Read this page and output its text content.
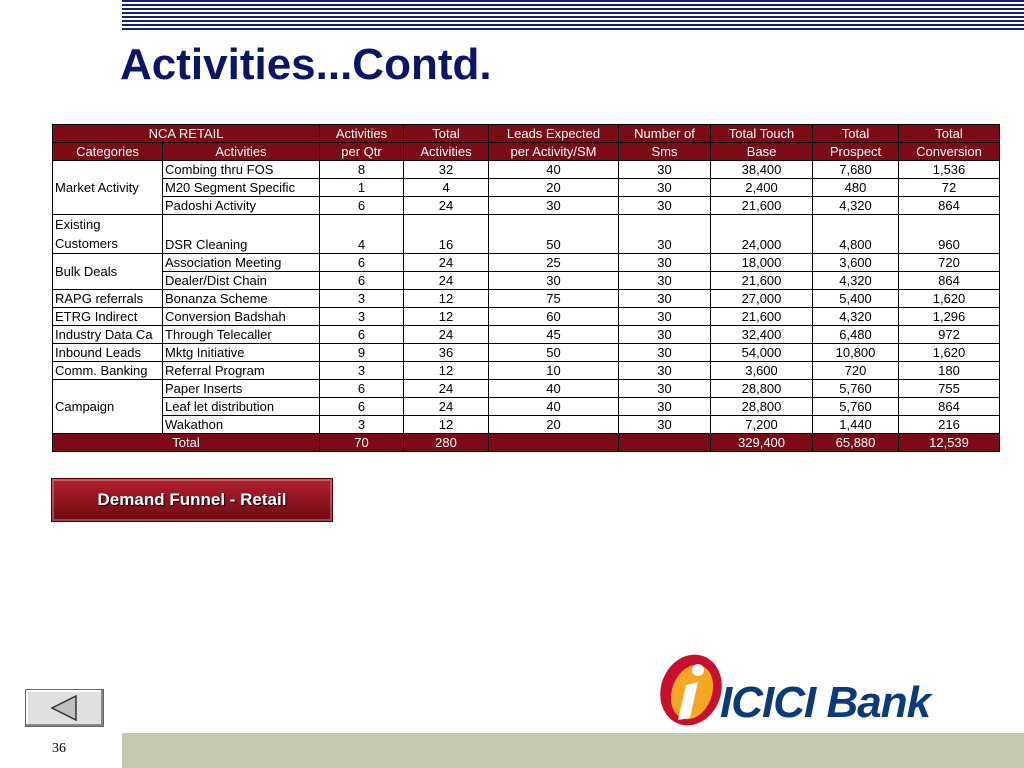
Activities...Contd.
NCA RETAIL		Activities	Total	Leads Expected	Number of	Total Touch	Total	Total
Categories	Activities	per Qtr	Activities	per Activity/SM	Sms	Base	Prospect	Conversion
Market Activity	Combing thru FOS	8	32	40	30	38,400	7,680	1,536
	M20 Segment Specific	1	4	20	30	2,400	480	72
	Padoshi Activity	6	24	30	30	21,600	4,320	864
Existing
Customers	DSR Cleaning	4	16	50	30	24,000	4,800	960
Bulk Deals	Association Meeting	6	24	25	30	18,000	3,600	720
	Dealer/Dist Chain	6	24	30	30	21,600	4,320	864
RAPG referrals	Bonanza Scheme	3	12	75	30	27,000	5,400	1,620
ETRG Indirect	Conversion Badshah	3	12	60	30	21,600	4,320	1,296
Industry Data Ca	Through Telecaller	6	24	45	30	32,400	6,480	972
Inbound Leads	Mktg Initiative	9	36	50	30	54,000	10,800	1,620
Comm. Banking	Referral Program	3	12	10	30	3,600	720	180
Campaign	Paper Inserts	6	24	40	30	28,800	5,760	755
	Leaf let distribution	6	24	40	30	28,800	5,760	864
	Wakathon	3	12	20	30	7,200	1,440	216
Total		70	280			329,400	65,880	12,539
Demand Funnel - Retail
36
ICICI Bank
